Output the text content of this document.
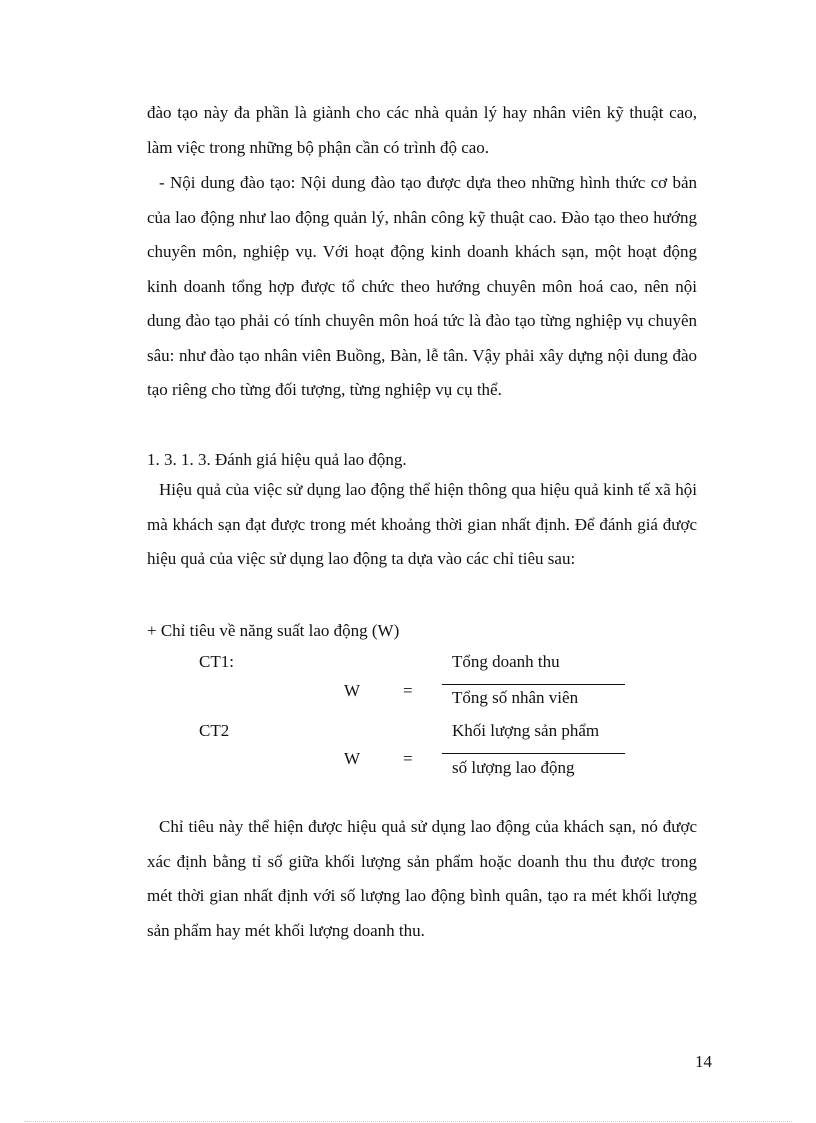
đào tạo này đa phần là giành cho các nhà quản lý hay nhân viên kỹ thuật cao, làm việc trong những bộ phận cần có trình độ cao.

- Nội dung đào tạo: Nội dung đào tạo được dựa theo những hình thức cơ bản của lao động như lao động quản lý, nhân công kỹ thuật cao. Đào tạo theo hướng chuyên môn, nghiệp vụ. Với hoạt động kinh doanh khách sạn, một hoạt động kinh doanh tổng hợp được tổ chức theo hướng chuyên môn hoá cao, nên nội dung đào tạo phải có tính chuyên môn hoá tức là đào tạo từng nghiệp vụ chuyên sâu: như đào tạo nhân viên Buồng, Bàn, lễ tân. Vậy phải xây dựng nội dung đào tạo riêng cho từng đối tượng, từng nghiệp vụ cụ thể.

1. 3. 1. 3. Đánh giá hiệu quả lao động.

Hiệu quả của việc sử dụng lao động thể hiện thông qua hiệu quả kinh tế xã hội mà khách sạn đạt được trong mét khoảng thời gian nhất định. Để đánh giá được hiệu quả của việc sử dụng lao động ta dựa vào các chỉ tiêu sau:

+ Chỉ tiêu về năng suất lao động (W)

CT1:
W	=
Tổng doanh thu
Tổng số nhân viên
CT2
W	=
Khối lượng sản phẩm
số lượng lao động

Chỉ tiêu này thể hiện được hiệu quả sử dụng lao động của khách sạn, nó được xác định bằng tỉ số giữa khối lượng sản phẩm hoặc doanh thu thu được trong mét thời gian nhất định với số lượng lao động bình quân, tạo ra mét khối lượng sản phẩm hay mét khối lượng doanh thu.

14
